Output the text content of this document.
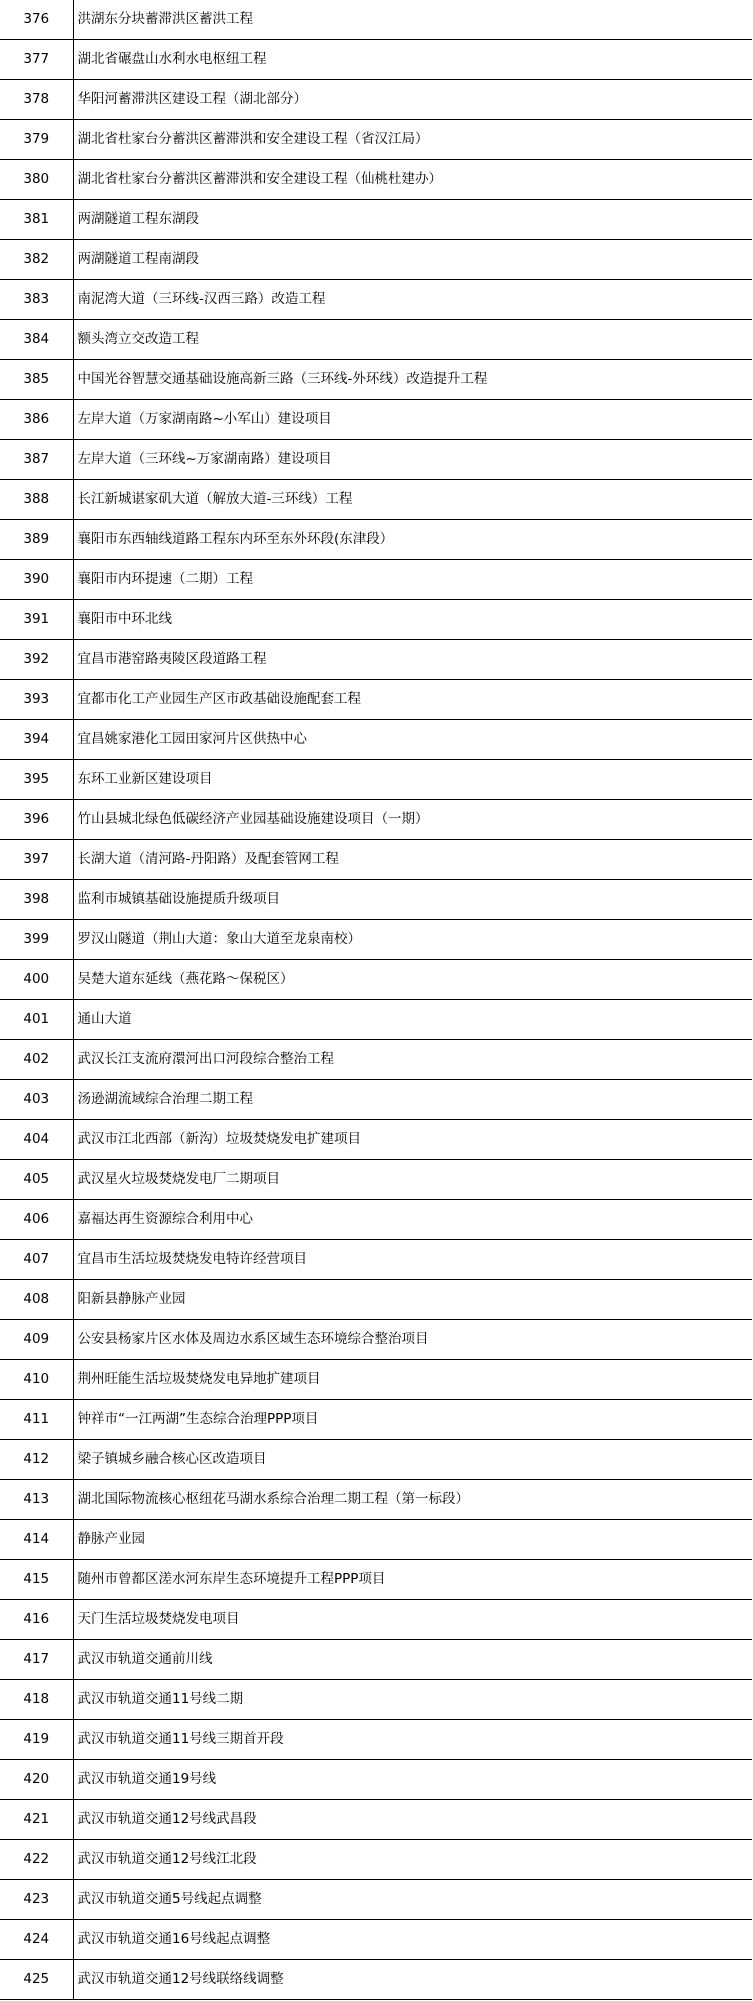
376	洪湖东分块蓄滞洪区蓄洪工程
377	湖北省碾盘山水利水电枢纽工程
378	华阳河蓄滞洪区建设工程（湖北部分）
379	湖北省杜家台分蓄洪区蓄滞洪和安全建设工程（省汉江局）
380	湖北省杜家台分蓄洪区蓄滞洪和安全建设工程（仙桃杜建办）
381	两湖隧道工程东湖段
382	两湖隧道工程南湖段
383	南泥湾大道（三环线-汉西三路）改造工程
384	额头湾立交改造工程
385	中国光谷智慧交通基础设施高新三路（三环线-外环线）改造提升工程
386	左岸大道（万家湖南路~小军山）建设项目
387	左岸大道（三环线~万家湖南路）建设项目
388	长江新城谌家矶大道（解放大道-三环线）工程
389	襄阳市东西轴线道路工程东内环至东外环段(东津段）
390	襄阳市内环提速（二期）工程
391	襄阳市中环北线
392	宜昌市港窑路夷陵区段道路工程
393	宜都市化工产业园生产区市政基础设施配套工程
394	宜昌姚家港化工园田家河片区供热中心
395	东环工业新区建设项目
396	竹山县城北绿色低碳经济产业园基础设施建设项目（一期）
397	长湖大道（清河路-丹阳路）及配套管网工程
398	监利市城镇基础设施提质升级项目
399	罗汉山隧道（荆山大道：象山大道至龙泉南校）
400	吴楚大道东延线（燕花路～保税区）
401	通山大道
402	武汉长江支流府澴河出口河段综合整治工程
403	汤逊湖流域综合治理二期工程
404	武汉市江北西部（新沟）垃圾焚烧发电扩建项目
405	武汉星火垃圾焚烧发电厂二期项目
406	嘉福达再生资源综合利用中心
407	宜昌市生活垃圾焚烧发电特许经营项目
408	阳新县静脉产业园
409	公安县杨家片区水体及周边水系区域生态环境综合整治项目
410	荆州旺能生活垃圾焚烧发电异地扩建项目
411	钟祥市“一江两湖”生态综合治理PPP项目
412	梁子镇城乡融合核心区改造项目
413	湖北国际物流核心枢纽花马湖水系综合治理二期工程（第一标段）
414	静脉产业园
415	随州市曾都区溠水河东岸生态环境提升工程PPP项目
416	天门生活垃圾焚烧发电项目
417	武汉市轨道交通前川线
418	武汉市轨道交通11号线二期
419	武汉市轨道交通11号线三期首开段
420	武汉市轨道交通19号线
421	武汉市轨道交通12号线武昌段
422	武汉市轨道交通12号线江北段
423	武汉市轨道交通5号线起点调整
424	武汉市轨道交通16号线起点调整
425	武汉市轨道交通12号线联络线调整
